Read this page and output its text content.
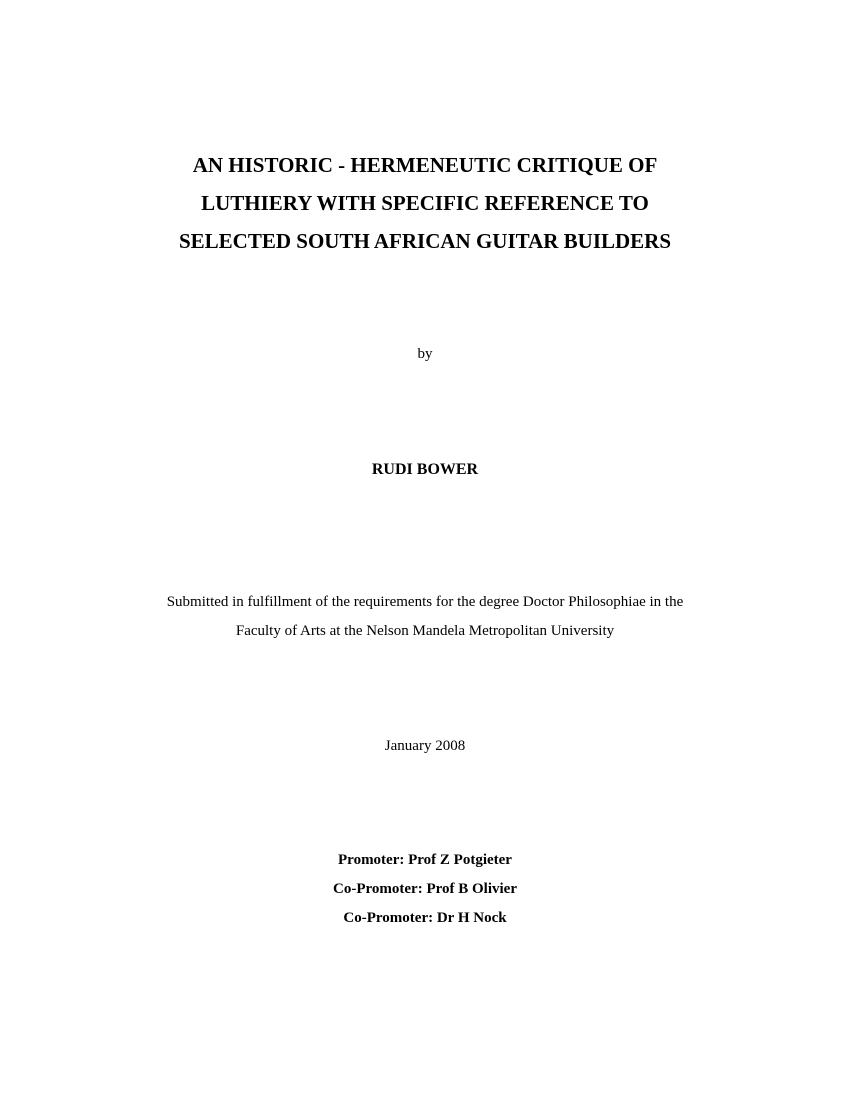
AN HISTORIC - HERMENEUTIC CRITIQUE OF
LUTHIERY WITH SPECIFIC REFERENCE TO
SELECTED SOUTH AFRICAN GUITAR BUILDERS
by
RUDI BOWER
Submitted in fulfillment of the requirements for the degree Doctor Philosophiae in the
Faculty of Arts at the Nelson Mandela Metropolitan University
January 2008
Promoter: Prof Z Potgieter
Co-Promoter: Prof B Olivier
Co-Promoter: Dr H Nock
